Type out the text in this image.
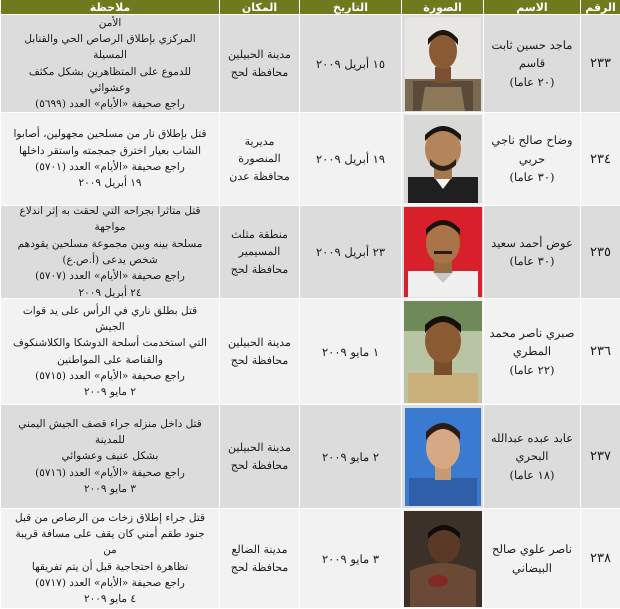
الرقم
الاسم
الصورة
التاريخ
المكان
ملاحظة
٢٣٣
ماجد حسين ثابت قاسم
(٢٠ عاما)
١٥ أبريل ٢٠٠٩
مدينة الحبيلين
محافظة لحج
الأمن
المركزي بإطلاق الرصاص الحي والقنابل المسيلة
للدموع على المتظاهرين بشكل مكثف وعشوائي
راجع صحيفة «الأيام» العدد (٥٦٩٩)
٢٣٤
وضاح صالح ناجي حربي
(٣٠ عاما)
١٩ أبريل ٢٠٠٩
مديرية المنصورة
محافظة عدن
قتل بإطلاق نار من مسلحين مجهولين، أصابوا
الشاب بعيار اخترق جمجمته واستقر داخلها
راجع صحيفة «الأيام» العدد (٥٧٠١)
١٩ أبريل ٢٠٠٩
٢٣٥
عوض أحمد سعيد
(٣٠ عاما)
٢٣ أبريل ٢٠٠٩
منطقة مثلث
المسيمير
محافظة لحج
قتل متأثرا بجراحه التي لحقت به إثر اندلاع مواجهة
مسلحة بينه وبين مجموعة مسلحين يقودهم
شخص يدعى (أ.ص.ع)
راجع صحيفة «الأيام» العدد (٥٧٠٧)
٢٤ أبريل ٢٠٠٩
٢٣٦
صبري ناصر محمد المطري
(٢٢ عاما)
١ مايو ٢٠٠٩
مدينة الحبيلين
محافظة لحج
قتل بطلق ناري في الرأس على يد قوات الجيش
التي استخدمت أسلحة الدوشكا والكلاشنكوف
والقناصة على المواطنين
راجع صحيفة «الأيام» العدد (٥٧١٥)
٢ مايو ٢٠٠٩
٢٣٧
عابد عبده عبدالله البحري
(١٨ عاما)
٢ مايو ٢٠٠٩
مدينة الحبيلين
محافظة لحج
قتل داخل منزله جراء قصف الجيش اليمني للمدينة
بشكل عنيف وعشوائي
راجع صحيفة «الأيام» العدد (٥٧١٦)
٣ مايو ٢٠٠٩
٢٣٨
ناصر علوي صالح
البيضاني
٣ مايو ٢٠٠٩
مدينة الضالع
محافظة لحج
قتل جراء إطلاق زخات من الرصاص من قبل
جنود طقم أمني كان يقف على مسافة قريبة من
تظاهرة احتجاجية قبل أن يتم تفريقها
راجع صحيفة «الأيام» العدد (٥٧١٧)
٤ مايو ٢٠٠٩
